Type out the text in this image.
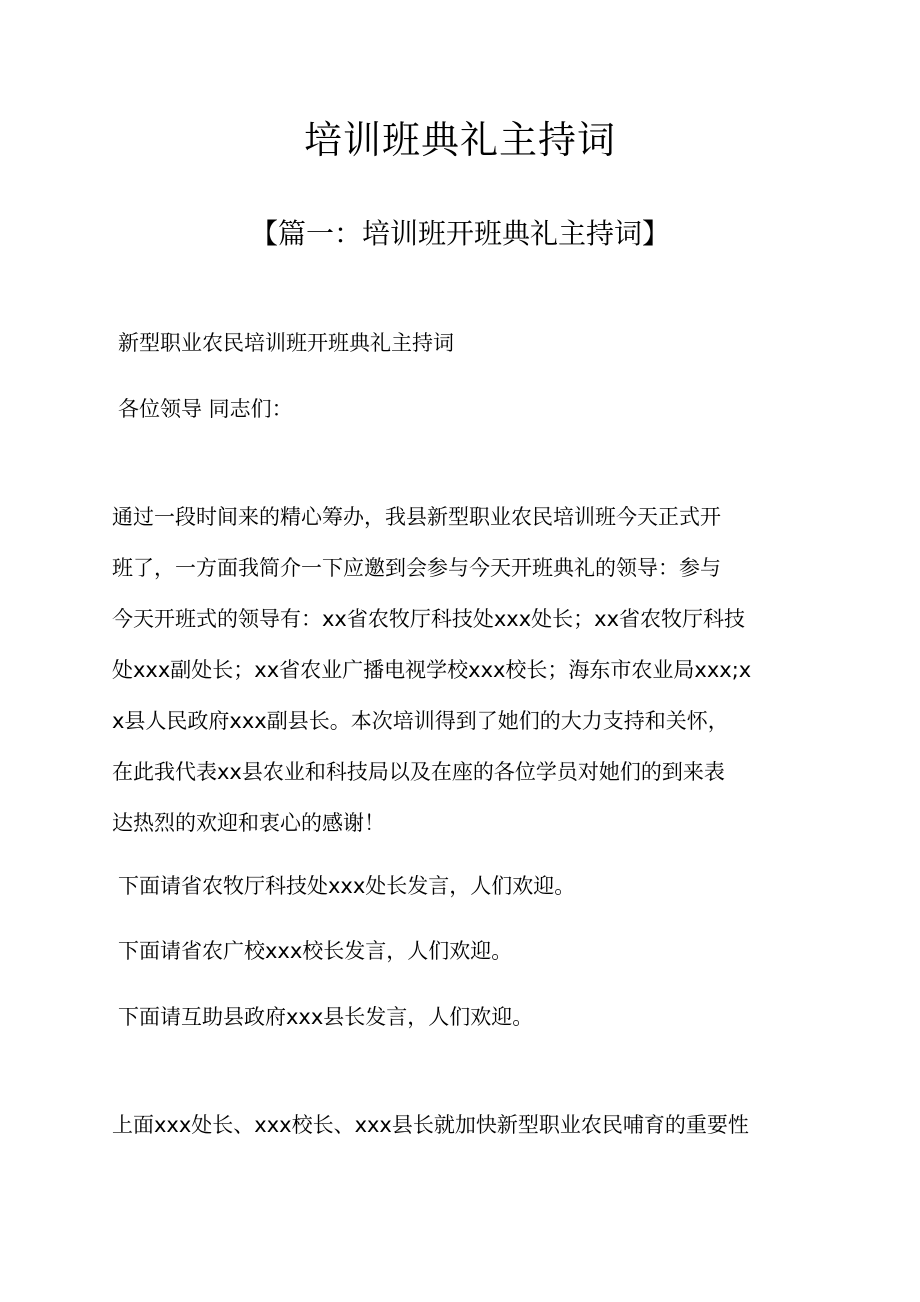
培训班典礼主持词
【篇一：培训班开班典礼主持词】

新型职业农民培训班开班典礼主持词

各位领导 同志们：

通过一段时间来的精心筹办，我县新型职业农民培训班今天正式开
班了，一方面我简介一下应邀到会参与今天开班典礼的领导：参与
今天开班式的领导有：xx省农牧厅科技处xxx处长；xx省农牧厅科技
处xxx副处长；xx省农业广播电视学校xxx校长；海东市农业局xxx;x
x县人民政府xxx副县长。本次培训得到了她们的大力支持和关怀，
在此我代表xx县农业和科技局以及在座的各位学员对她们的到来表
达热烈的欢迎和衷心的感谢！

下面请省农牧厅科技处xxx处长发言，人们欢迎。

下面请省农广校xxx校长发言，人们欢迎。

下面请互助县政府xxx县长发言，人们欢迎。

上面xxx处长、xxx校长、xxx县长就加快新型职业农民哺育的重要性
